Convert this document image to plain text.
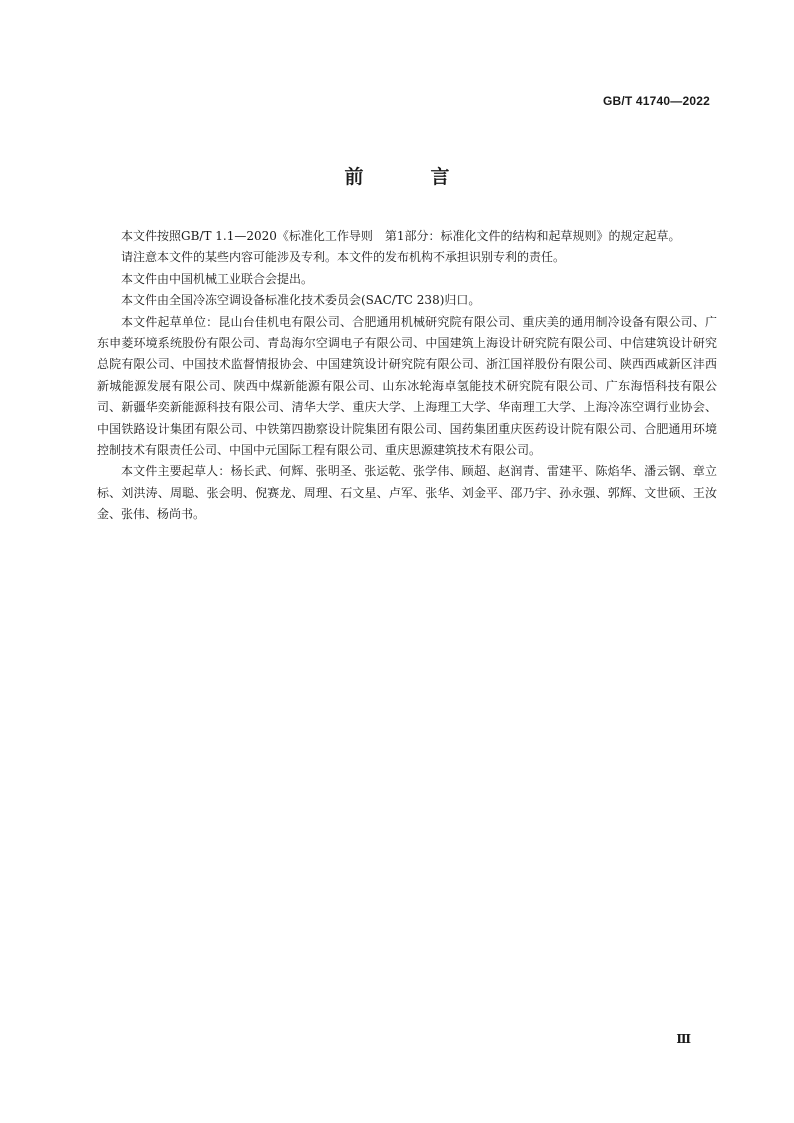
GB/T 41740—2022
前　言

本文件按照GB/T 1.1—2020《标准化工作导则　第1部分：标准化文件的结构和起草规则》的规定起草。

请注意本文件的某些内容可能涉及专利。本文件的发布机构不承担识别专利的责任。

本文件由中国机械工业联合会提出。

本文件由全国冷冻空调设备标准化技术委员会(SAC/TC 238)归口。

本文件起草单位：昆山台佳机电有限公司、合肥通用机械研究院有限公司、重庆美的通用制冷设备有限公司、广东申菱环境系统股份有限公司、青岛海尔空调电子有限公司、中国建筑上海设计研究院有限公司、中信建筑设计研究总院有限公司、中国技术监督情报协会、中国建筑设计研究院有限公司、浙江国祥股份有限公司、陕西西咸新区沣西新城能源发展有限公司、陕西中煤新能源有限公司、山东冰轮海卓氢能技术研究院有限公司、广东海悟科技有限公司、新疆华奕新能源科技有限公司、清华大学、重庆大学、上海理工大学、华南理工大学、上海冷冻空调行业协会、中国铁路设计集团有限公司、中铁第四勘察设计院集团有限公司、国药集团重庆医药设计院有限公司、合肥通用环境控制技术有限责任公司、中国中元国际工程有限公司、重庆思源建筑技术有限公司。

本文件主要起草人：杨长武、何辉、张明圣、张运乾、张学伟、顾超、赵润青、雷建平、陈焰华、潘云钢、章立标、刘洪涛、周聪、张会明、倪赛龙、周理、石文星、卢军、张华、刘金平、邵乃宇、孙永强、郭辉、文世硕、王汝金、张伟、杨尚书。

Ⅲ
